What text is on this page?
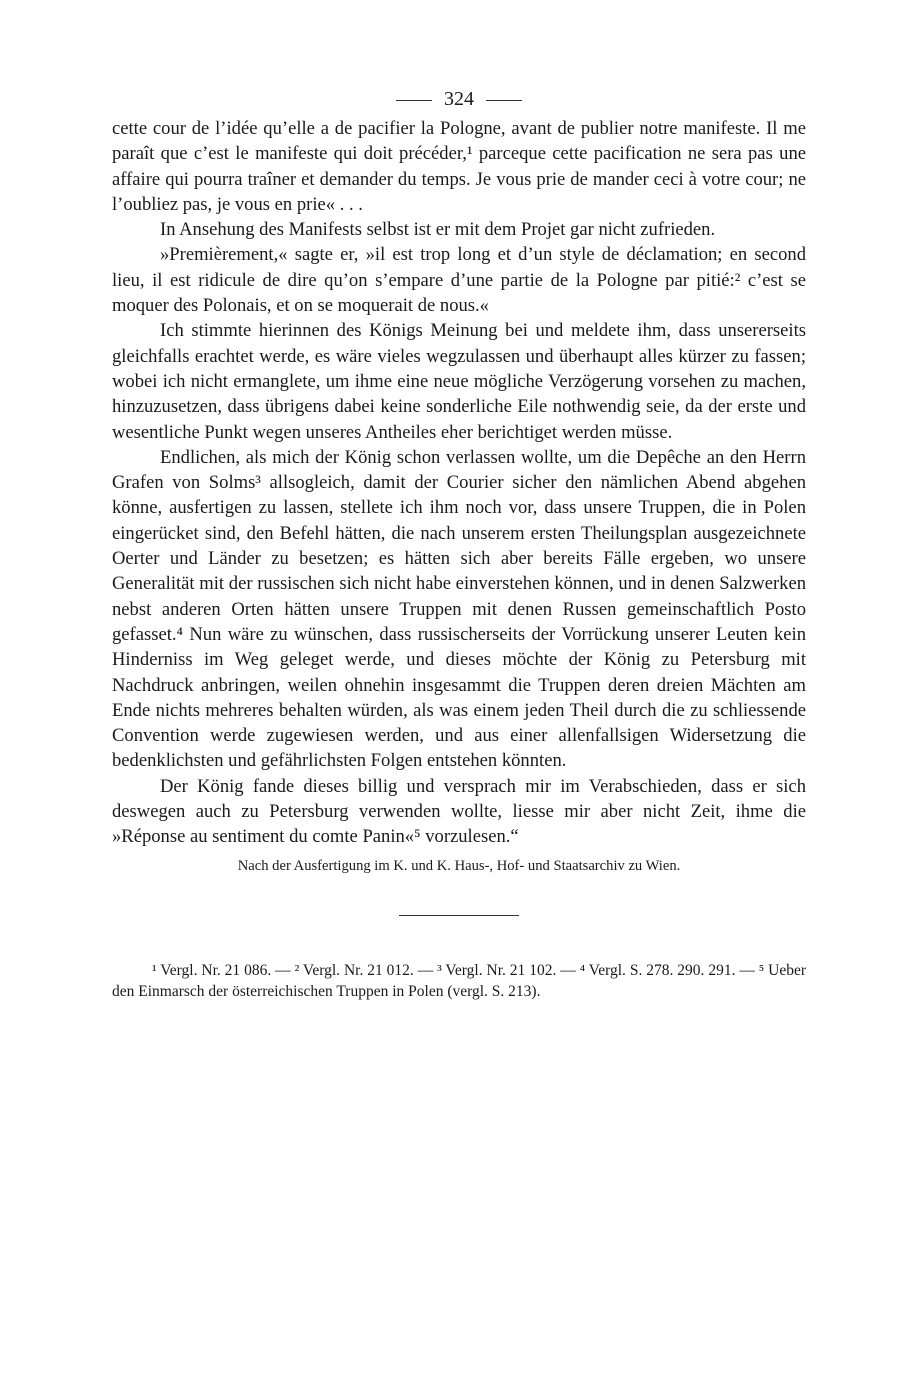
324

cette cour de l’idée qu’elle a de pacifier la Pologne, avant de publier notre manifeste. Il me paraît que c’est le manifeste qui doit précéder,¹ parceque cette pacification ne sera pas une affaire qui pourra traîner et demander du temps. Je vous prie de mander ceci à votre cour; ne l’oubliez pas, je vous en prie« . . .

In Ansehung des Manifests selbst ist er mit dem Projet gar nicht zufrieden.

»Premièrement,« sagte er, »il est trop long et d’un style de déclamation; en second lieu, il est ridicule de dire qu’on s’empare d’une partie de la Pologne par pitié:² c’est se moquer des Polonais, et on se moquerait de nous.«

Ich stimmte hierinnen des Königs Meinung bei und meldete ihm, dass unsererseits gleichfalls erachtet werde, es wäre vieles wegzulassen und überhaupt alles kürzer zu fassen; wobei ich nicht ermanglete, um ihme eine neue mögliche Verzögerung vorsehen zu machen, hinzuzusetzen, dass übrigens dabei keine sonderliche Eile nothwendig seie, da der erste und wesentliche Punkt wegen unseres Antheiles eher berichtiget werden müsse.

Endlichen, als mich der König schon verlassen wollte, um die Depêche an den Herrn Grafen von Solms³ allsogleich, damit der Courier sicher den nämlichen Abend abgehen könne, ausfertigen zu lassen, stellete ich ihm noch vor, dass unsere Truppen, die in Polen eingerücket sind, den Befehl hätten, die nach unserem ersten Theilungsplan ausgezeichnete Oerter und Länder zu besetzen; es hätten sich aber bereits Fälle ergeben, wo unsere Generalität mit der russischen sich nicht habe einverstehen können, und in denen Salzwerken nebst anderen Orten hätten unsere Truppen mit denen Russen gemeinschaftlich Posto gefasset.⁴ Nun wäre zu wünschen, dass russischerseits der Vorrückung unserer Leuten kein Hinderniss im Weg geleget werde, und dieses möchte der König zu Petersburg mit Nachdruck anbringen, weilen ohnehin insgesammt die Truppen deren dreien Mächten am Ende nichts mehreres behalten würden, als was einem jeden Theil durch die zu schliessende Convention werde zugewiesen werden, und aus einer allenfallsigen Widersetzung die bedenklichsten und gefährlichsten Folgen entstehen könnten.

Der König fande dieses billig und versprach mir im Verabschieden, dass er sich deswegen auch zu Petersburg verwenden wollte, liesse mir aber nicht Zeit, ihme die »Réponse au sentiment du comte Panin«⁵ vorzulesen.“

Nach der Ausfertigung im K. und K. Haus-, Hof- und Staatsarchiv zu Wien.

¹ Vergl. Nr. 21 086. — ² Vergl. Nr. 21 012. — ³ Vergl. Nr. 21 102. — ⁴ Vergl. S. 278. 290. 291. — ⁵ Ueber den Einmarsch der österreichischen Truppen in Polen (vergl. S. 213).
